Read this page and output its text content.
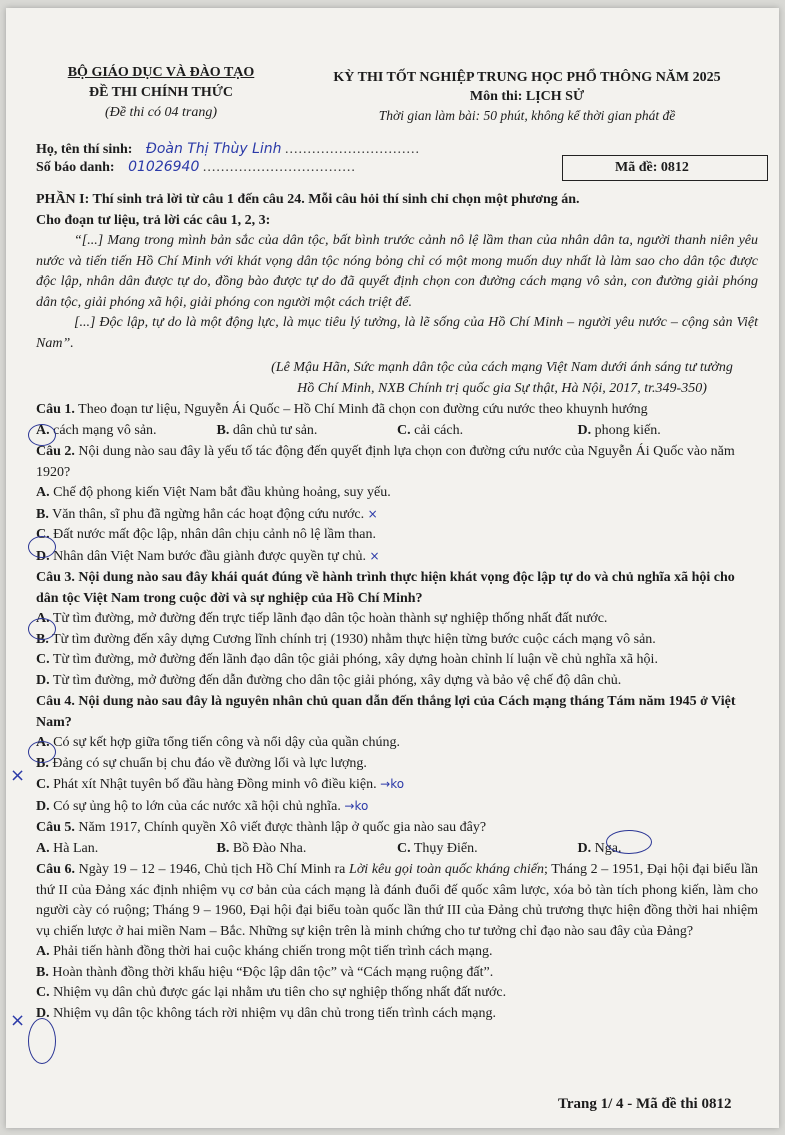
BỘ GIÁO DỤC VÀ ĐÀO TẠO
ĐỀ THI CHÍNH THỨC
(Đề thi có 04 trang)
KỲ THI TỐT NGHIỆP TRUNG HỌC PHỔ THÔNG NĂM 2025
Môn thi: LỊCH SỬ
Thời gian làm bài: 50 phút, không kể thời gian phát đề
Họ, tên thí sinh: Đoàn Thị Thùy Linh ..............................
Số báo danh: 01026940 ..................................	Mã đề: 0812
PHẦN I: Thí sinh trả lời từ câu 1 đến câu 24. Mỗi câu hỏi thí sinh chỉ chọn một phương án.
Cho đoạn tư liệu, trả lời các câu 1, 2, 3:
“[...] Mang trong mình bản sắc của dân tộc, bất bình trước cảnh nô lệ lầm than của nhân dân ta, người thanh niên yêu nước và tiến tiến Hồ Chí Minh với khát vọng dân tộc nóng bỏng chỉ có một mong muốn duy nhất là làm sao cho dân tộc được độc lập, nhân dân được tự do, đồng bào được tự do đã quyết định chọn con đường cách mạng vô sản, con đường giải phóng dân tộc, giải phóng xã hội, giải phóng con người một cách triệt để.
[...] Độc lập, tự do là một động lực, là mục tiêu lý tưởng, là lẽ sống của Hồ Chí Minh – người yêu nước – cộng sản Việt Nam”.
(Lê Mậu Hãn, Sức mạnh dân tộc của cách mạng Việt Nam dưới ánh sáng tư tưởng
Hồ Chí Minh, NXB Chính trị quốc gia Sự thật, Hà Nội, 2017, tr.349-350)
Câu 1. Theo đoạn tư liệu, Nguyễn Ái Quốc – Hồ Chí Minh đã chọn con đường cứu nước theo khuynh hướng
A. cách mạng vô sản.	B. dân chủ tư sản.	C. cải cách.	D. phong kiến.
Câu 2. Nội dung nào sau đây là yếu tố tác động đến quyết định lựa chọn con đường cứu nước của Nguyễn Ái Quốc vào năm 1920?
A. Chế độ phong kiến Việt Nam bắt đầu khủng hoảng, suy yếu.
B. Văn thân, sĩ phu đã ngừng hẳn các hoạt động cứu nước. ×
C. Đất nước mất độc lập, nhân dân chịu cảnh nô lệ lầm than.
D. Nhân dân Việt Nam bước đầu giành được quyền tự chủ. ×
Câu 3. Nội dung nào sau đây khái quát đúng về hành trình thực hiện khát vọng độc lập tự do và chủ nghĩa xã hội cho dân tộc Việt Nam trong cuộc đời và sự nghiệp của Hồ Chí Minh?
A. Từ tìm đường, mở đường đến trực tiếp lãnh đạo dân tộc hoàn thành sự nghiệp thống nhất đất nước.
B. Từ tìm đường đến xây dựng Cương lĩnh chính trị (1930) nhằm thực hiện từng bước cuộc cách mạng vô sản.
C. Từ tìm đường, mở đường đến lãnh đạo dân tộc giải phóng, xây dựng hoàn chỉnh lí luận về chủ nghĩa xã hội.
D. Từ tìm đường, mở đường đến dẫn đường cho dân tộc giải phóng, xây dựng và bảo vệ chế độ dân chủ.
Câu 4. Nội dung nào sau đây là nguyên nhân chủ quan dẫn đến thắng lợi của Cách mạng tháng Tám năm 1945 ở Việt Nam?
A. Có sự kết hợp giữa tổng tiến công và nổi dậy của quần chúng.
B. Đảng có sự chuẩn bị chu đáo về đường lối và lực lượng.
C. Phát xít Nhật tuyên bố đầu hàng Đồng minh vô điều kiện. →ko
D. Có sự ủng hộ to lớn của các nước xã hội chủ nghĩa. →ko
Câu 5. Năm 1917, Chính quyền Xô viết được thành lập ở quốc gia nào sau đây?
A. Hà Lan.	B. Bồ Đào Nha.	C. Thụy Điển.	D. Nga.
Câu 6. Ngày 19 – 12 – 1946, Chủ tịch Hồ Chí Minh ra Lời kêu gọi toàn quốc kháng chiến; Tháng 2 – 1951, Đại hội đại biểu lần thứ II của Đảng xác định nhiệm vụ cơ bản của cách mạng là đánh đuổi đế quốc xâm lược, xóa bỏ tàn tích phong kiến, làm cho người cày có ruộng; Tháng 9 – 1960, Đại hội đại biểu toàn quốc lần thứ III của Đảng chủ trương thực hiện đồng thời hai nhiệm vụ chiến lược ở hai miền Nam – Bắc. Những sự kiện trên là minh chứng cho tư tưởng chỉ đạo nào sau đây của Đảng?
A. Phải tiến hành đồng thời hai cuộc kháng chiến trong một tiến trình cách mạng.
B. Hoàn thành đồng thời khẩu hiệu “Độc lập dân tộc” và “Cách mạng ruộng đất”.
C. Nhiệm vụ dân chủ được gác lại nhằm ưu tiên cho sự nghiệp thống nhất đất nước.
D. Nhiệm vụ dân tộc không tách rời nhiệm vụ dân chủ trong tiến trình cách mạng.
×
×
Trang 1/ 4 - Mã đề thi 0812
